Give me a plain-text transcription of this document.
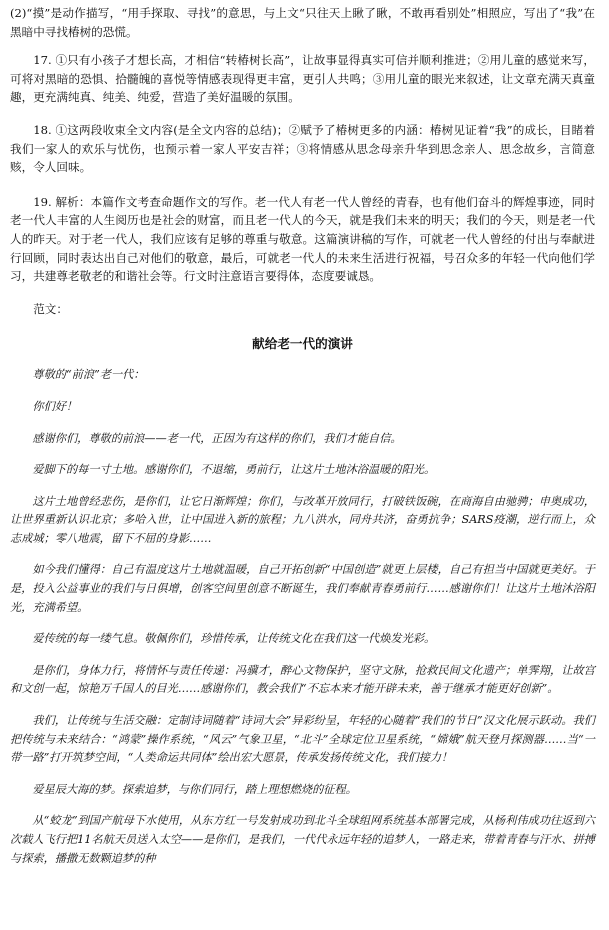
(2)“摸”是动作描写，“用手探取、寻找”的意思，与上文“只往天上瞅了瞅，不敢再看别处”相照应，写出了“我”在黑暗中寻找椿树的恐慌。

17. ①只有小孩子才想长高，才相信“转椿树长高”，让故事显得真实可信并顺利推进；②用儿童的感觉来写，可将对黑暗的恐惧、拾髓魄的喜悦等情感表现得更丰富，更引人共鸣；③用儿童的眼光来叙述，让文章充满天真童趣，更充满纯真、纯美、纯爱，营造了美好温暖的氛围。

18. ①这两段收束全文内容(是全文内容的总结)；②赋予了椿树更多的内涵：椿树见证着“我”的成长，目睹着我们一家人的欢乐与忧伤，也预示着一家人平安吉祥；③将情感从思念母亲升华到思念亲人、思念故乡，言简意赅，令人回味。

19. 解析：本篇作文考查命题作文的写作。老一代人有老一代人曾经的青春，也有他们奋斗的辉煌事迹，同时老一代人丰富的人生阅历也是社会的财富，而且老一代人的今天，就是我们未来的明天；我们的今天，则是老一代人的昨天。对于老一代人，我们应该有足够的尊重与敬意。这篇演讲稿的写作，可就老一代人曾经的付出与奉献进行回顾，同时表达出自己对他们的敬意，最后，可就老一代人的未来生活进行祝福，号召众多的年轻一代向他们学习，共建尊老敬老的和谐社会等。行文时注意语言要得体，态度要诚恳。

范文：

献给老一代的演讲

尊敬的“前浪”老一代：

你们好！

感谢你们，尊敬的前浪——老一代，正因为有这样的你们，我们才能自信。

爱脚下的每一寸土地。感谢你们，不退缩，勇前行，让这片土地沐浴温暖的阳光。

这片土地曾经悲伤，是你们，让它日渐辉煌；你们，与改革开放同行，打破铁饭碗，在商海自由驰骋；申奥成功，让世界重新认识北京；多哈入世，让中国进入新的旅程；九八洪水，同舟共济，奋勇抗争；SARS疫潮，逆行而上，众志成城；零八地震，留下不屈的身影……

如今我们懂得：自己有温度这片土地就温暖，自己开拓创新“中国创造”就更上层楼，自己有担当中国就更美好。于是，投入公益事业的我们与日俱增，创客空间里创意不断诞生，我们奉献青春勇前行……感谢你们！让这片土地沐浴阳光，充满希望。

爱传统的每一缕气息。敬佩你们，珍惜传承，让传统文化在我们这一代焕发光彩。

是你们，身体力行，将情怀与责任传递：冯骥才，醉心文物保护，坚守文脉，抢救民间文化遗产；单霁翔，让故宫和文创一起，惊艳万千国人的目光……感谢你们，教会我们“不忘本来才能开辟未来，善于继承才能更好创新”。

我们，让传统与生活交融：定制诗词随着“诗词大会”异彩纷呈，年轻的心随着“我们的节日”汉文化展示跃动。我们把传统与未来结合：“鸿蒙”操作系统，“风云”气象卫星，“北斗”全球定位卫星系统，“嫦娥”航天登月探测器……当“一带一路”打开筑梦空间，“人类命运共同体”绘出宏大愿景，传承发扬传统文化，我们接力！

爱星辰大海的梦。探索追梦，与你们同行，踏上理想燃烧的征程。

从“蛟龙”到国产航母下水使用，从东方红一号发射成功到北斗全球组网系统基本部署完成，从杨利伟成功往返到六次载人飞行把11名航天员送入太空——是你们，是我们，一代代永远年轻的追梦人，一路走来，带着青春与汗水、拼搏与探索，播撒无数颗追梦的种
